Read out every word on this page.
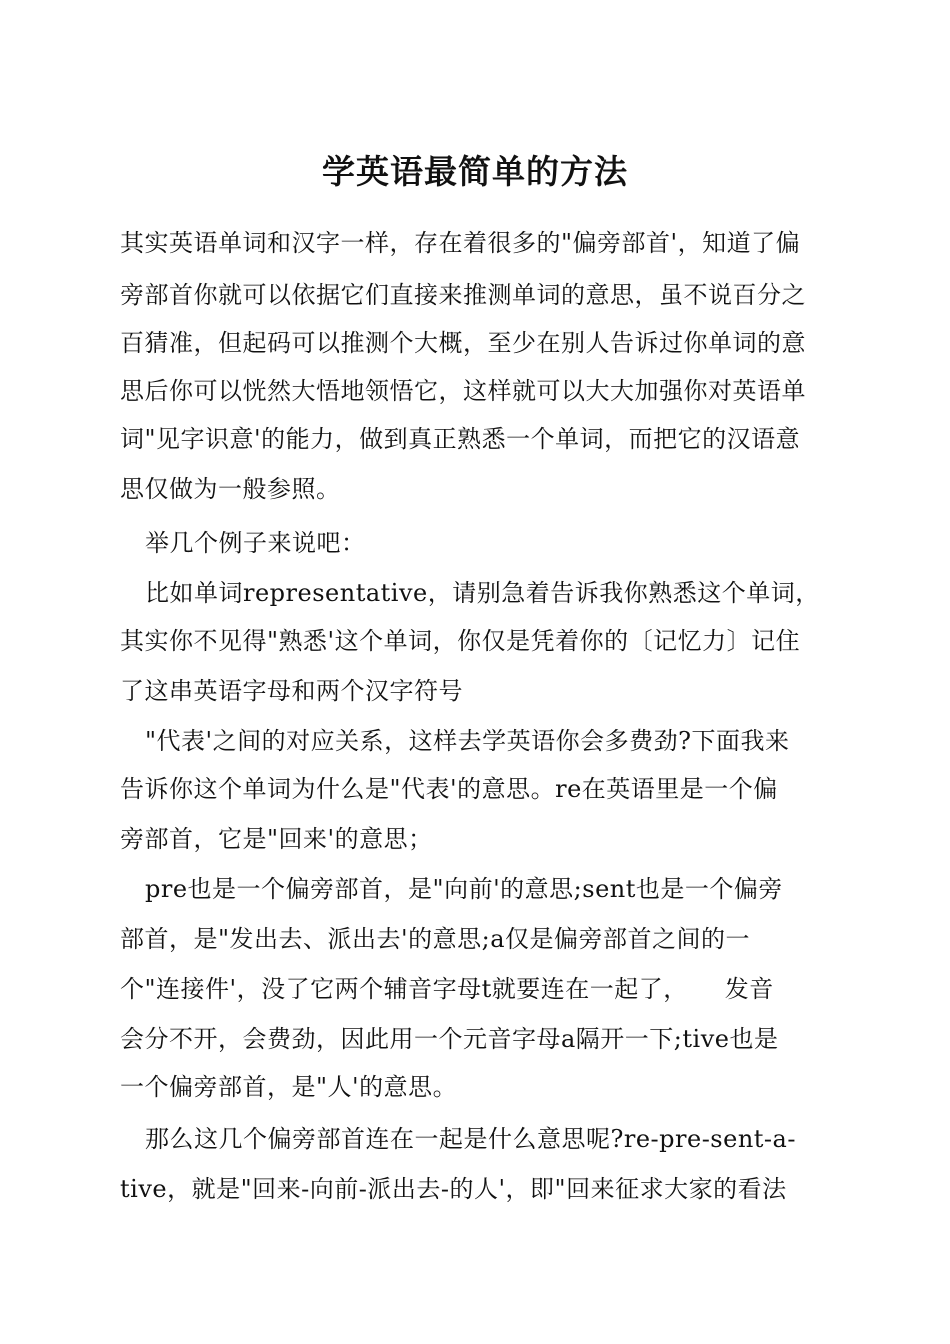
学英语最简单的方法

其实英语单词和汉字一样，存在着很多的"偏旁部首'，知道了偏

旁部首你就可以依据它们直接来推测单词的意思，虽不说百分之

百猜准，但起码可以推测个大概，至少在别人告诉过你单词的意

思后你可以恍然大悟地领悟它，这样就可以大大加强你对英语单

词"见字识意'的能力，做到真正熟悉一个单词，而把它的汉语意

思仅做为一般参照。

举几个例子来说吧：

比如单词representative，请别急着告诉我你熟悉这个单词，

其实你不见得"熟悉'这个单词，你仅是凭着你的〔记忆力〕记住

了这串英语字母和两个汉字符号

"代表'之间的对应关系，这样去学英语你会多费劲?下面我来

告诉你这个单词为什么是"代表'的意思。re在英语里是一个偏

旁部首，它是"回来'的意思；

pre也是一个偏旁部首，是"向前'的意思;sent也是一个偏旁

部首，是"发出去、派出去'的意思;a仅是偏旁部首之间的一

个"连接件'，没了它两个辅音字母t就要连在一起了，　　发音

会分不开，会费劲，因此用一个元音字母a隔开一下;tive也是

一个偏旁部首，是"人'的意思。

那么这几个偏旁部首连在一起是什么意思呢?re-pre-sent-a-

tive，就是"回来-向前-派出去-的人'，即"回来征求大家的看法
